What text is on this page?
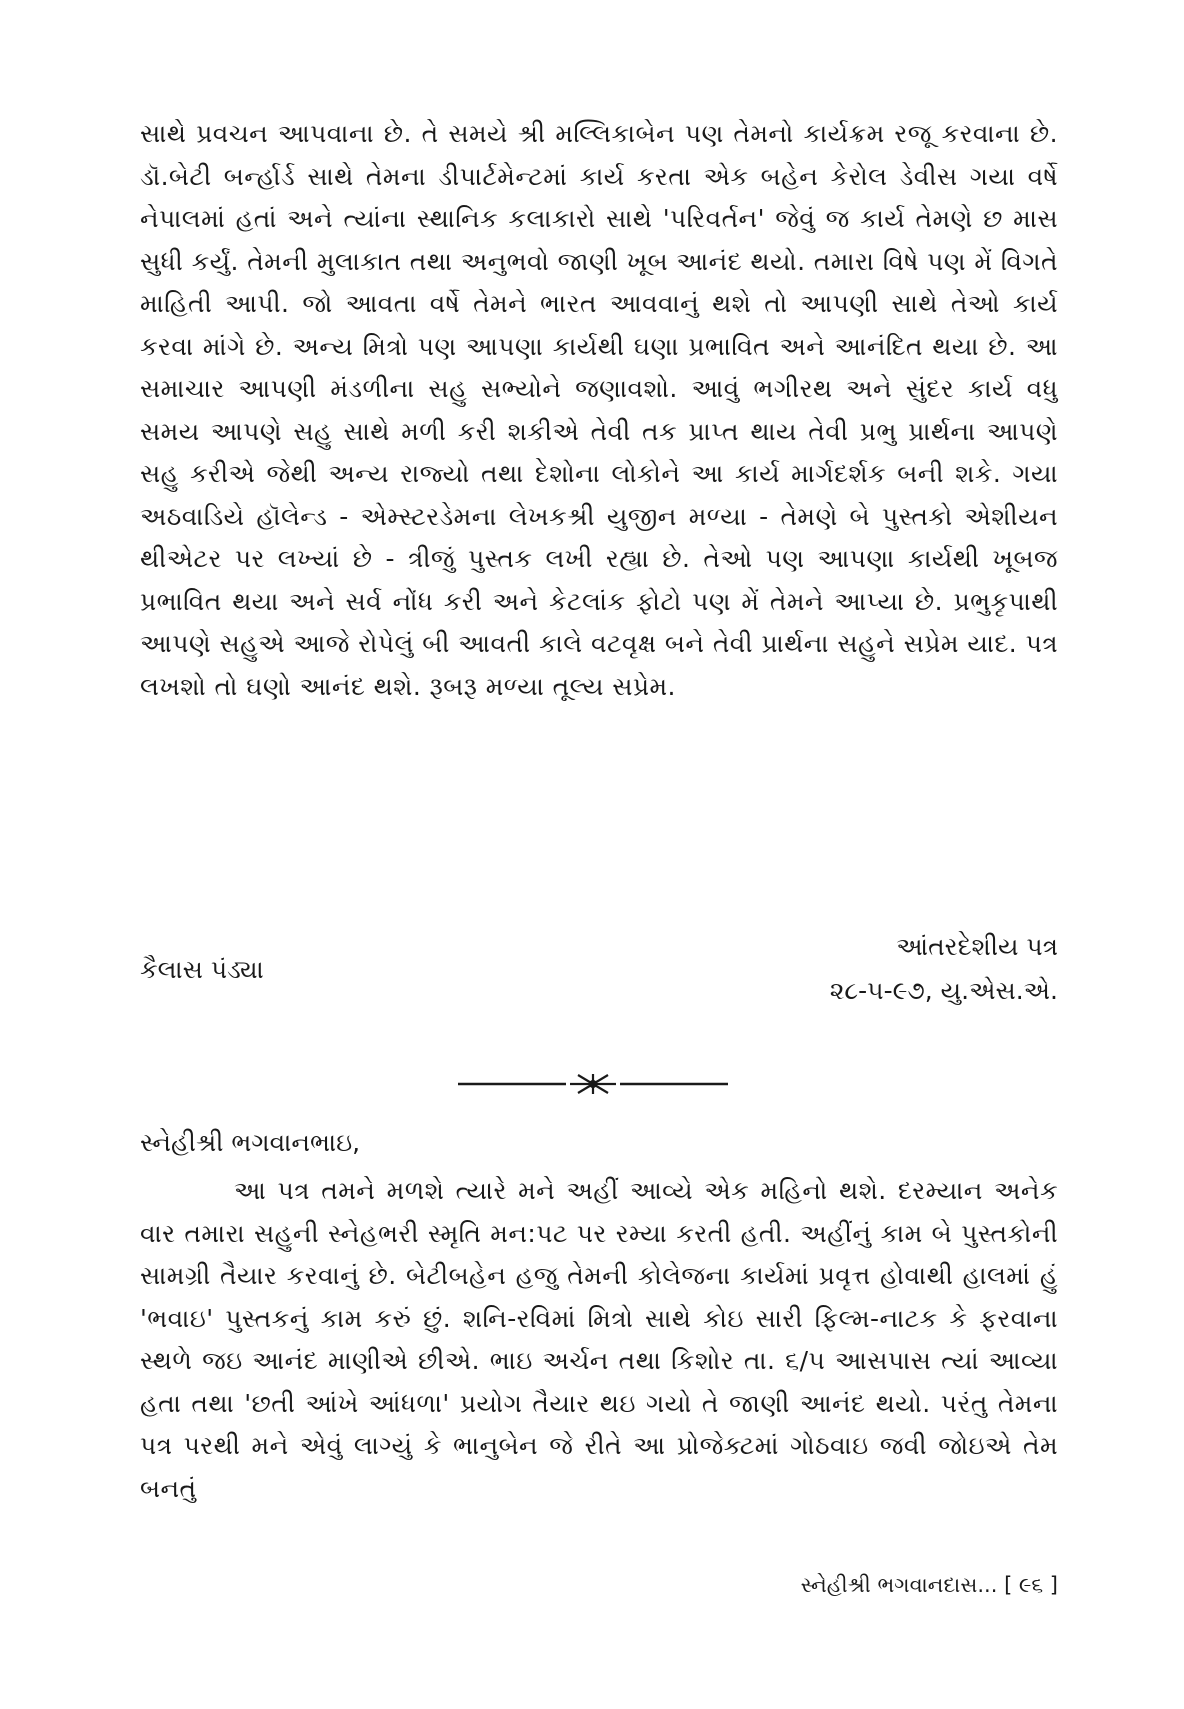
સાથે પ્રવચન આપવાના છે. તે સમયે શ્રી મલ્લિકાબેન પણ તેમનો કાર્યક્રમ રજૂ કરવાના છે. ડૉ.બેટી બર્ન્હાર્ડ સાથે તેમના ડીપાર્ટમેન્ટમાં કાર્ય કરતા એક બહેન કેરોલ ડેવીસ ગયા વર્ષે નેપાલમાં હતાં અને ત્યાંના સ્થાનિક કલાકારો સાથે 'પરિવર્તન' જેવું જ કાર્ય તેમણે છ માસ સુધી કર્યું. તેમની મુલાકાત તથા અનુભવો જાણી ખૂબ આનંદ થયો. તમારા વિષે પણ મેં વિગતે માહિતી આપી. જો આવતા વર્ષે તેમને ભારત આવવાનું થશે તો આપણી સાથે તેઓ કાર્ય કરવા માંગે છે. અન્ય મિત્રો પણ આપણા કાર્યથી ઘણા પ્રભાવિત અને આનંદિત થયા છે. આ સમાચાર આપણી મંડળીના સહુ સભ્યોને જણાવશો. આવું ભગીરથ અને સુંદર કાર્ય વધુ સમય આપણે સહુ સાથે મળી કરી શકીએ તેવી તક પ્રાપ્ત થાય તેવી પ્રભુ પ્રાર્થના આપણે સહુ કરીએ જેથી અન્ય રાજ્યો તથા દેશોના લોકોને આ કાર્ય માર્ગદર્શક બની શકે. ગયા અઠવાડિયે હૉલેન્ડ - એમ્સ્ટરડેમના લેખકશ્રી યુજીન મળ્યા - તેમણે બે પુસ્તકો એશીયન થીએટર પર લખ્યાં છે - ત્રીજું પુસ્તક લખી રહ્યા છે. તેઓ પણ આપણા કાર્યથી ખૂબજ પ્રભાવિત થયા અને સર્વ નોંધ કરી અને કેટલાંક ફોટો પણ મેં તેમને આપ્યા છે. પ્રભુકૃપાથી આપણે સહુએ આજે રોપેલું બી આવતી કાલે વટવૃક્ષ બને તેવી પ્રાર્થના સહુને સપ્રેમ યાદ. પત્ર લખશો તો ઘણો આનંદ થશે. રૂબરૂ મળ્યા તૂલ્ય સપ્રેમ.

કૈલાસ પંડ્યા
આંતરદેશીય પત્ર
૨૮-૫-૯૭, યુ.એસ.એ.
સ્નેહીશ્રી ભગવાનભાઇ,

આ પત્ર તમને મળશે ત્યારે મને અહીં આવ્યે એક મહિનો થશે. દરમ્યાન અનેક વાર તમારા સહુની સ્નેહભરી સ્મૃતિ મન:પટ પર રમ્યા કરતી હતી. અહીંનું કામ બે પુસ્તકોની સામગ્રી તૈયાર કરવાનું છે. બેટીબહેન હજુ તેમની કોલેજના કાર્યમાં પ્રવૃત્ત હોવાથી હાલમાં હું 'ભવાઇ' પુસ્તકનું કામ કરું છું. શનિ-રવિમાં મિત્રો સાથે કોઇ સારી ફિલ્મ-નાટક કે ફરવાના સ્થળે જઇ આનંદ માણીએ છીએ. ભાઇ અર્ચન તથા કિશોર તા. ૬/૫ આસપાસ ત્યાં આવ્યા હતા તથા 'છતી આંખે આંધળા' પ્રયોગ તૈયાર થઇ ગયો તે જાણી આનંદ થયો. પરંતુ તેમના પત્ર પરથી મને એવું લાગ્યું કે ભાનુબેન જે રીતે આ પ્રોજેક્ટમાં ગોઠવાઇ જવી જોઇએ તેમ બનતું

સ્નેહીશ્રી ભગવાનદાસ... [ ૯૬ ]
